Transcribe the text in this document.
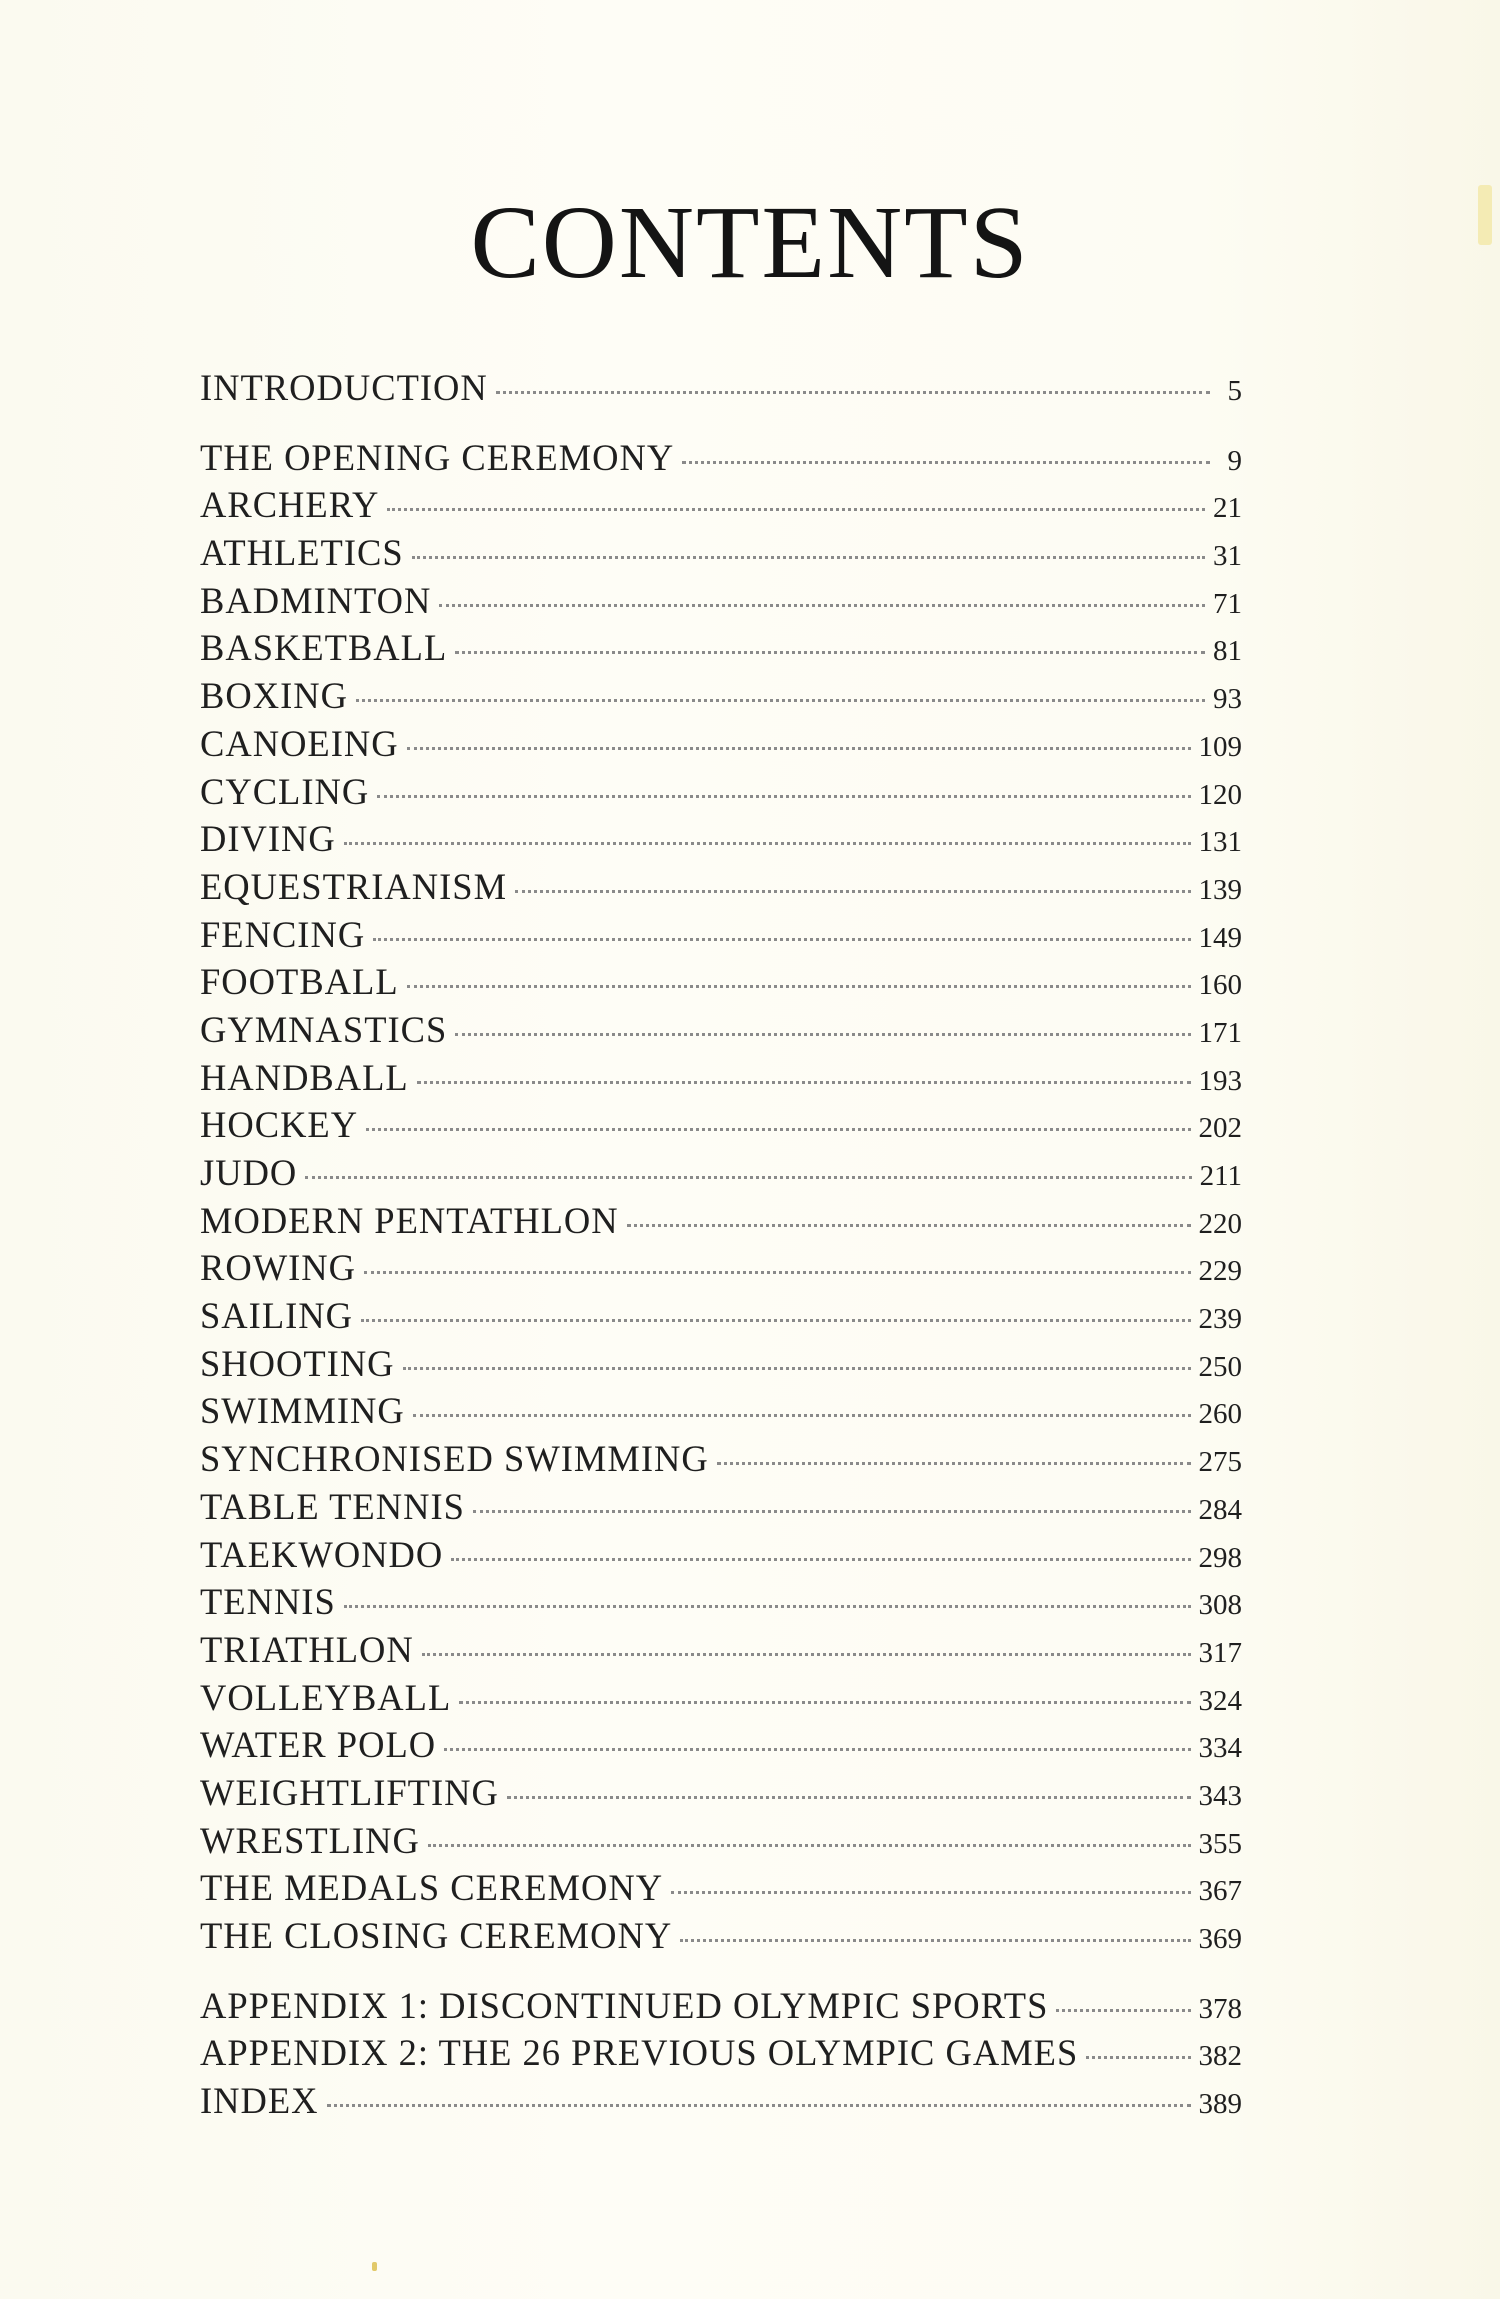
CONTENTS
INTRODUCTION	5
THE OPENING CEREMONY	9
ARCHERY	21
ATHLETICS	31
BADMINTON	71
BASKETBALL	81
BOXING	93
CANOEING	109
CYCLING	120
DIVING	131
EQUESTRIANISM	139
FENCING	149
FOOTBALL	160
GYMNASTICS	171
HANDBALL	193
HOCKEY	202
JUDO	211
MODERN PENTATHLON	220
ROWING	229
SAILING	239
SHOOTING	250
SWIMMING	260
SYNCHRONISED SWIMMING	275
TABLE TENNIS	284
TAEKWONDO	298
TENNIS	308
TRIATHLON	317
VOLLEYBALL	324
WATER POLO	334
WEIGHTLIFTING	343
WRESTLING	355
THE MEDALS CEREMONY	367
THE CLOSING CEREMONY	369
APPENDIX 1: DISCONTINUED OLYMPIC SPORTS	378
APPENDIX 2: THE 26 PREVIOUS OLYMPIC GAMES	382
INDEX	389
